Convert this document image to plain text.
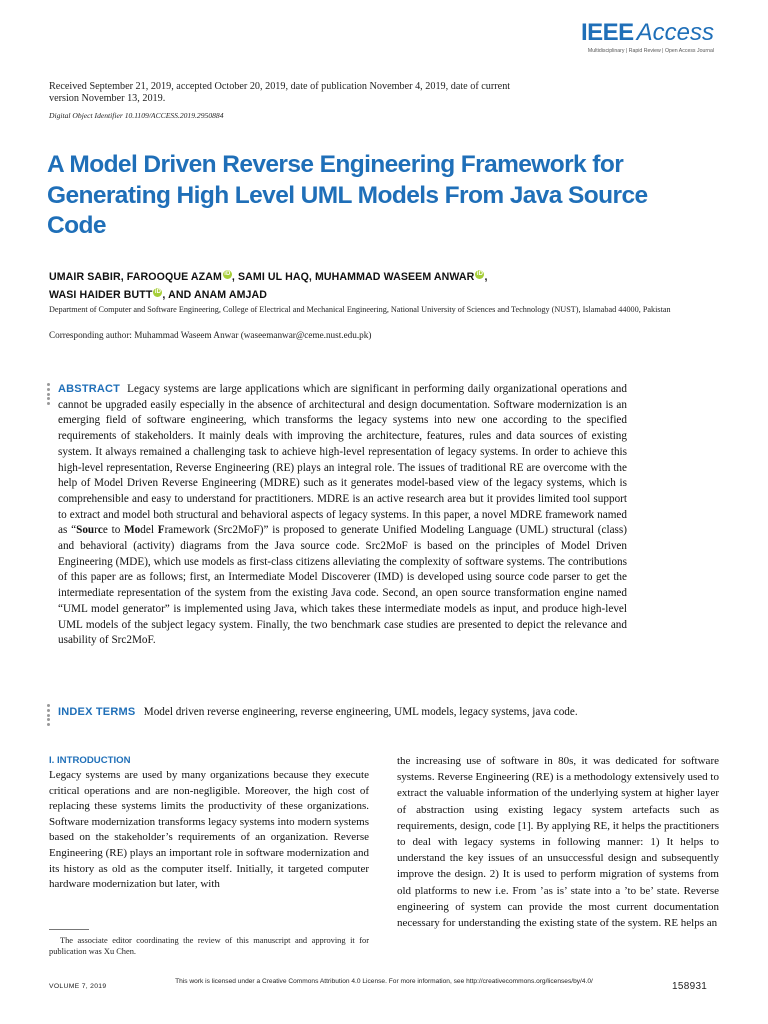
IEEE Access
Multidisciplinary | Rapid Review | Open Access Journal
Received September 21, 2019, accepted October 20, 2019, date of publication November 4, 2019, date of current version November 13, 2019.
Digital Object Identifier 10.1109/ACCESS.2019.2950884
A Model Driven Reverse Engineering Framework for Generating High Level UML Models From Java Source Code
UMAIR SABIR, FAROOQUE AZAM iD, SAMI UL HAQ, MUHAMMAD WASEEM ANWAR iD,
WASI HAIDER BUTT iD, AND ANAM AMJAD
Department of Computer and Software Engineering, College of Electrical and Mechanical Engineering, National University of Sciences and Technology (NUST), Islamabad 44000, Pakistan
Corresponding author: Muhammad Waseem Anwar (waseemanwar@ceme.nust.edu.pk)
ABSTRACT Legacy systems are large applications which are significant in performing daily organizational operations and cannot be upgraded easily especially in the absence of architectural and design documentation. Software modernization is an emerging field of software engineering, which transforms the legacy systems into new one according to the specified requirements of stakeholders. It mainly deals with improving the architecture, features, rules and data sources of existing system. It always remained a challenging task to achieve high-level representation of legacy systems. In order to achieve this high-level representation, Reverse Engineering (RE) plays an integral role. The issues of traditional RE are overcome with the help of Model Driven Reverse Engineering (MDRE) such as it generates model-based view of the legacy systems, which is comprehensible and easy to understand for practitioners. MDRE is an active research area but it provides limited tool support to extract and model both structural and behavioral aspects of legacy systems. In this paper, a novel MDRE framework named as “Source to Model Framework (Src2MoF)” is proposed to generate Unified Modeling Language (UML) structural (class) and behavioral (activity) diagrams from the Java source code. Src2MoF is based on the principles of Model Driven Engineering (MDE), which use models as first-class citizens alleviating the complexity of software systems. The contributions of this paper are as follows; first, an Intermediate Model Discoverer (IMD) is developed using source code parser to get the intermediate representation of the system from the existing Java code. Second, an open source transformation engine named “UML model generator” is implemented using Java, which takes these intermediate models as input, and produce high-level UML models of the subject legacy system. Finally, the two benchmark case studies are presented to depict the relevance and usability of Src2MoF.
INDEX TERMS Model driven reverse engineering, reverse engineering, UML models, legacy systems, java code.
I. INTRODUCTION

Legacy systems are used by many organizations because they execute critical operations and are non-negligible. Moreover, the high cost of replacing these systems limits the productivity of these organizations. Software modernization transforms legacy systems into modern systems based on the stakeholder’s requirements of an organization. Reverse Engineering (RE) plays an important role in software modernization and its history as old as the computer itself. Initially, it targeted computer hardware modernization but later, with

the increasing use of software in 80s, it was dedicated for software systems. Reverse Engineering (RE) is a methodology extensively used to extract the valuable information of the underlying system at higher layer of abstraction using existing legacy system artefacts such as requirements, design, code [1]. By applying RE, it helps the practitioners to deal with legacy systems in following manner: 1) It helps to understand the key issues of an unsuccessful design and subsequently improve the design. 2) It is used to perform migration of systems from old platforms to new i.e. From ’as is’ state into a ’to be’ state. Reverse engineering of system can provide the most current documentation necessary for understanding the existing state of the system. RE helps an

The associate editor coordinating the review of this manuscript and approving it for publication was Xu Chen.
VOLUME 7, 2019
This work is licensed under a Creative Commons Attribution 4.0 License. For more information, see http://creativecommons.org/licenses/by/4.0/	158931
